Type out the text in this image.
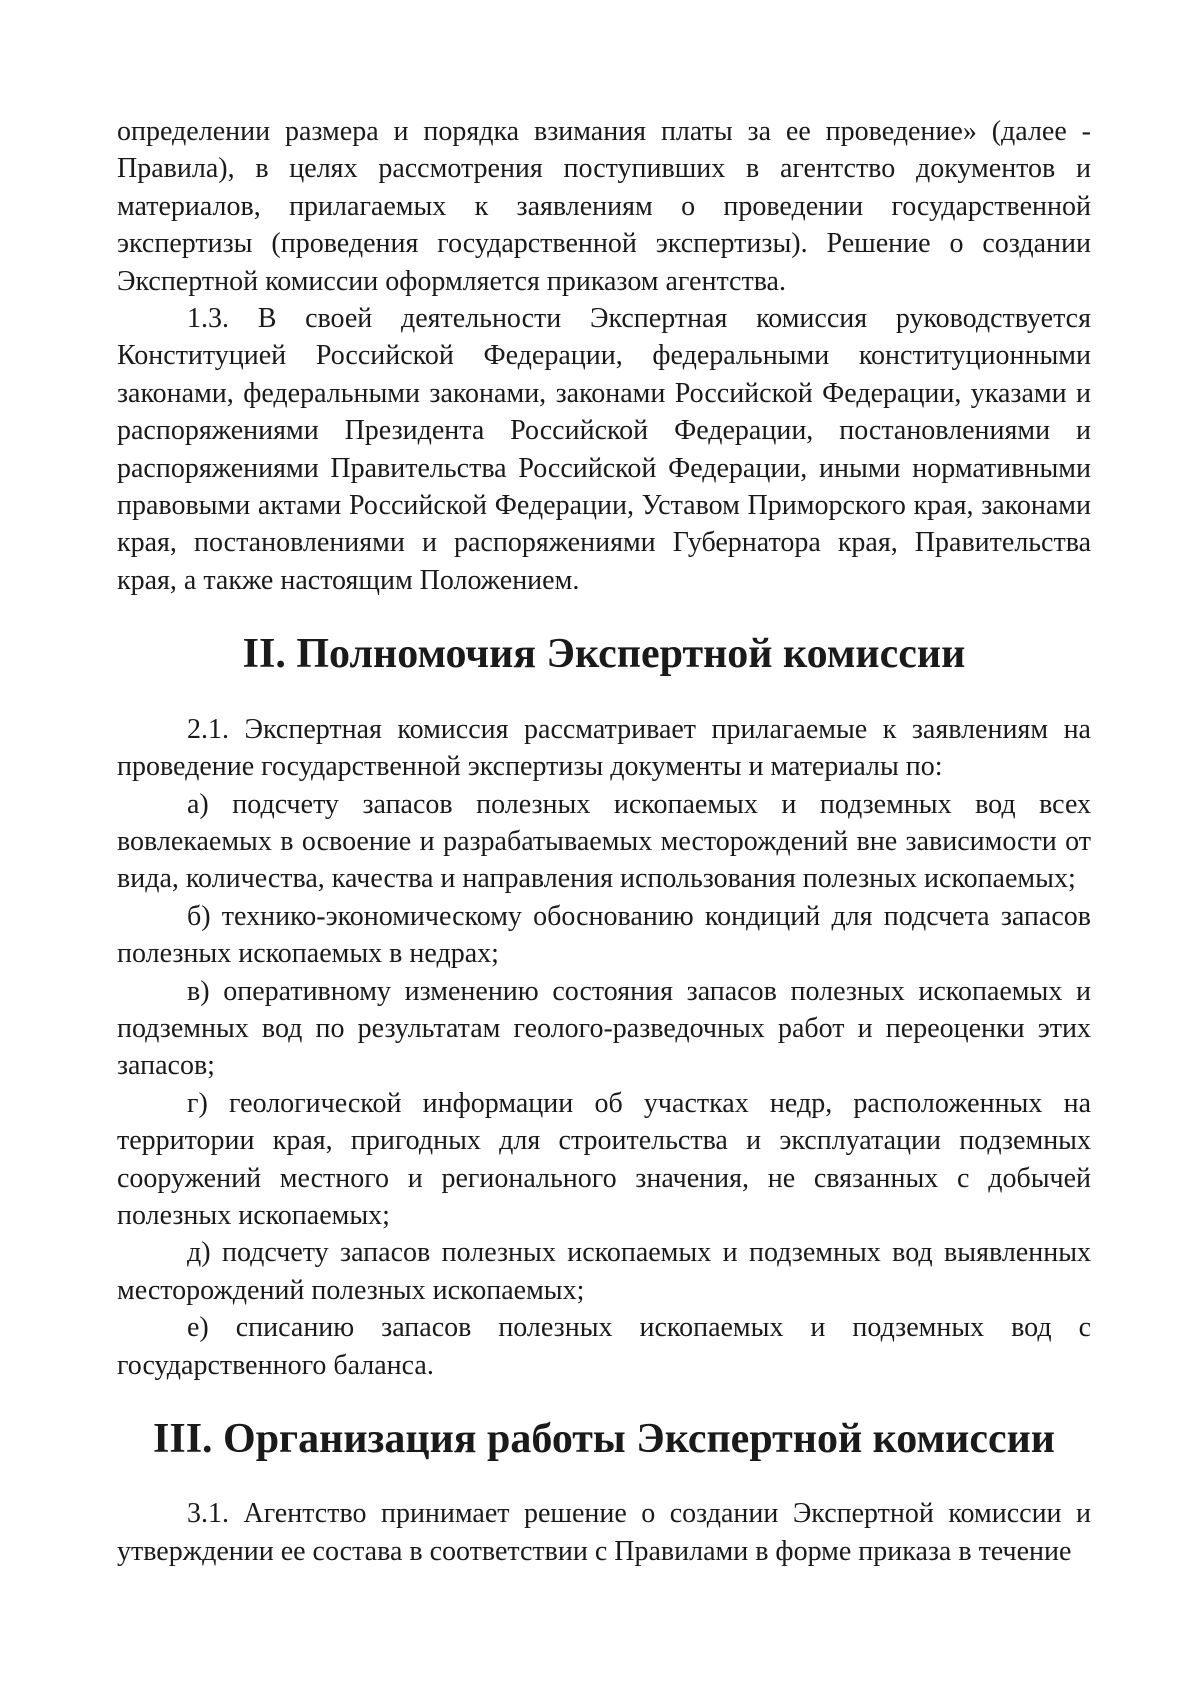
определении размера и порядка взимания платы за ее проведение» (далее - Правила), в целях рассмотрения поступивших в агентство документов и материалов, прилагаемых к заявлениям о проведении государственной экспертизы (проведения государственной экспертизы). Решение о создании Экспертной комиссии оформляется приказом агентства.

1.3. В своей деятельности Экспертная комиссия руководствуется Конституцией Российской Федерации, федеральными конституционными законами, федеральными законами, законами Российской Федерации, указами и распоряжениями Президента Российской Федерации, постановлениями и распоряжениями Правительства Российской Федерации, иными нормативными правовыми актами Российской Федерации, Уставом Приморского края, законами края, постановлениями и распоряжениями Губернатора края, Правительства края, а также настоящим Положением.

II. Полномочия Экспертной комиссии

2.1. Экспертная комиссия рассматривает прилагаемые к заявлениям на проведение государственной экспертизы документы и материалы по:

а) подсчету запасов полезных ископаемых и подземных вод всех вовлекаемых в освоение и разрабатываемых месторождений вне зависимости от вида, количества, качества и направления использования полезных ископаемых;

б) технико-экономическому обоснованию кондиций для подсчета запасов полезных ископаемых в недрах;

в) оперативному изменению состояния запасов полезных ископаемых и подземных вод по результатам геолого-разведочных работ и переоценки этих запасов;

г) геологической информации об участках недр, расположенных на территории края, пригодных для строительства и эксплуатации подземных сооружений местного и регионального значения, не связанных с добычей полезных ископаемых;

д) подсчету запасов полезных ископаемых и подземных вод выявленных месторождений полезных ископаемых;

е) списанию запасов полезных ископаемых и подземных вод с государственного баланса.

III. Организация работы Экспертной комиссии

3.1. Агентство принимает решение о создании Экспертной комиссии и утверждении ее состава в соответствии с Правилами в форме приказа в течение
